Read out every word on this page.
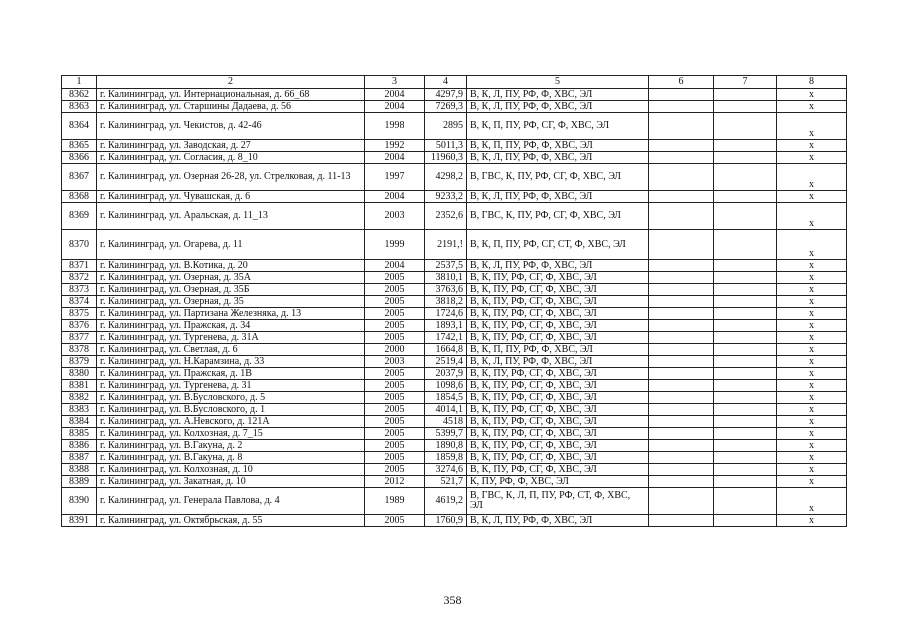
1	2	3	4	5	6	7	8
8362	г. Калининград, ул. Интернациональная, д. 66_68	2004	4297,9	В, К, Л, ПУ, РФ, Ф, ХВС, ЭЛ			x
8363	г. Калининград, ул. Старшины Дадаева, д. 56	2004	7269,3	В, К, Л, ПУ, РФ, Ф, ХВС, ЭЛ			x
8364	г. Калининград, ул. Чекистов, д. 42-46	1998	2895	В, К, П, ПУ, РФ, СГ, Ф, ХВС, ЭЛ			x
8365	г. Калининград, ул. Заводская, д. 27	1992	5011,3	В, К, П, ПУ, РФ, Ф, ХВС, ЭЛ			x
8366	г. Калининград, ул. Согласия, д. 8_10	2004	11960,3	В, К, Л, ПУ, РФ, Ф, ХВС, ЭЛ			x
8367	г. Калининград, ул. Озерная 26-28, ул. Стрелковая, д. 11-13	1997	4298,2	В, ГВС, К, ПУ, РФ, СГ, Ф, ХВС, ЭЛ			x
8368	г. Калининград, ул. Чувашская, д. 6	2004	9233,2	В, К, Л, ПУ, РФ, Ф, ХВС, ЭЛ			x
8369	г. Калининград, ул. Аральская, д. 11_13	2003	2352,6	В, ГВС, К, ПУ, РФ, СГ, Ф, ХВС, ЭЛ			x
8370	г. Калининград, ул. Огарева, д. 11	1999	2191,!	В, К, П, ПУ, РФ, СГ, СТ, Ф, ХВС, ЭЛ			x
8371	г. Калининград, ул. В.Котика, д. 20	2004	2537,5	В, К, Л, ПУ, РФ, Ф, ХВС, ЭЛ			x
8372	г. Калининград, ул. Озерная, д. 35А	2005	3810,1	В, К, ПУ, РФ, СГ, Ф, ХВС, ЭЛ			x
8373	г. Калининград, ул. Озерная, д. 35Б	2005	3763,6	В, К, ПУ, РФ, СГ, Ф, ХВС, ЭЛ			x
8374	г. Калининград, ул. Озерная, д. 35	2005	3818,2	В, К, ПУ, РФ, СГ, Ф, ХВС, ЭЛ			x
8375	г. Калининград, ул. Партизана Железняка, д. 13	2005	1724,6	В, К, ПУ, РФ, СГ, Ф, ХВС, ЭЛ			x
8376	г. Калининград, ул. Пражская, д. 34	2005	1893,1	В, К, ПУ, РФ, СГ, Ф, ХВС, ЭЛ			x
8377	г. Калининград, ул. Тургенева, д. 31А	2005	1742,1	В, К, ПУ, РФ, СГ, Ф, ХВС, ЭЛ			x
8378	г. Калининград, ул. Светлая, д. 6	2000	1664,8	В, К, П, ПУ, РФ, Ф, ХВС, ЭЛ			x
8379	г. Калининград, ул. Н.Карамзина, д. 33	2003	2519,4	В, К, Л, ПУ, РФ, Ф, ХВС, ЭЛ			x
8380	г. Калининград, ул. Пражская, д. 1В	2005	2037,9	В, К, ПУ, РФ, СГ, Ф, ХВС, ЭЛ			x
8381	г. Калининград, ул. Тургенева, д. 31	2005	1098,6	В, К, ПУ, РФ, СГ, Ф, ХВС, ЭЛ			x
8382	г. Калининград, ул. В.Бусловского, д. 5	2005	1854,5	В, К, ПУ, РФ, СГ, Ф, ХВС, ЭЛ			x
8383	г. Калининград, ул. В.Бусловского, д. 1	2005	4014,1	В, К, ПУ, РФ, СГ, Ф, ХВС, ЭЛ			x
8384	г. Калининград, ул. А.Невского, д. 121А	2005	4518	В, К, ПУ, РФ, СГ, Ф, ХВС, ЭЛ			x
8385	г. Калининград, ул. Колхозная, д. 7_15	2005	5399,7	В, К, ПУ, РФ, СГ, Ф, ХВС, ЭЛ			x
8386	г. Калининград, ул. В.Гакуна, д. 2	2005	1890,8	В, К, ПУ, РФ, СГ, Ф, ХВС, ЭЛ			x
8387	г. Калининград, ул. В.Гакуна, д. 8	2005	1859,8	В, К, ПУ, РФ, СГ, Ф, ХВС, ЭЛ			x
8388	г. Калининград, ул. Колхозная, д. 10	2005	3274,6	В, К, ПУ, РФ, СГ, Ф, ХВС, ЭЛ			x
8389	г. Калининград, ул. Закатная, д. 10	2012	521,7	К, ПУ, РФ, Ф, ХВС, ЭЛ			x
8390	г. Калининград, ул. Генерала Павлова, д. 4	1989	4619,2	В, ГВС, К, Л, П, ПУ, РФ, СТ, Ф, ХВС, ЭЛ			x
8391	г. Калининград, ул. Октябрьская, д. 55	2005	1760,9	В, К, Л, ПУ, РФ, Ф, ХВС, ЭЛ			x
358
